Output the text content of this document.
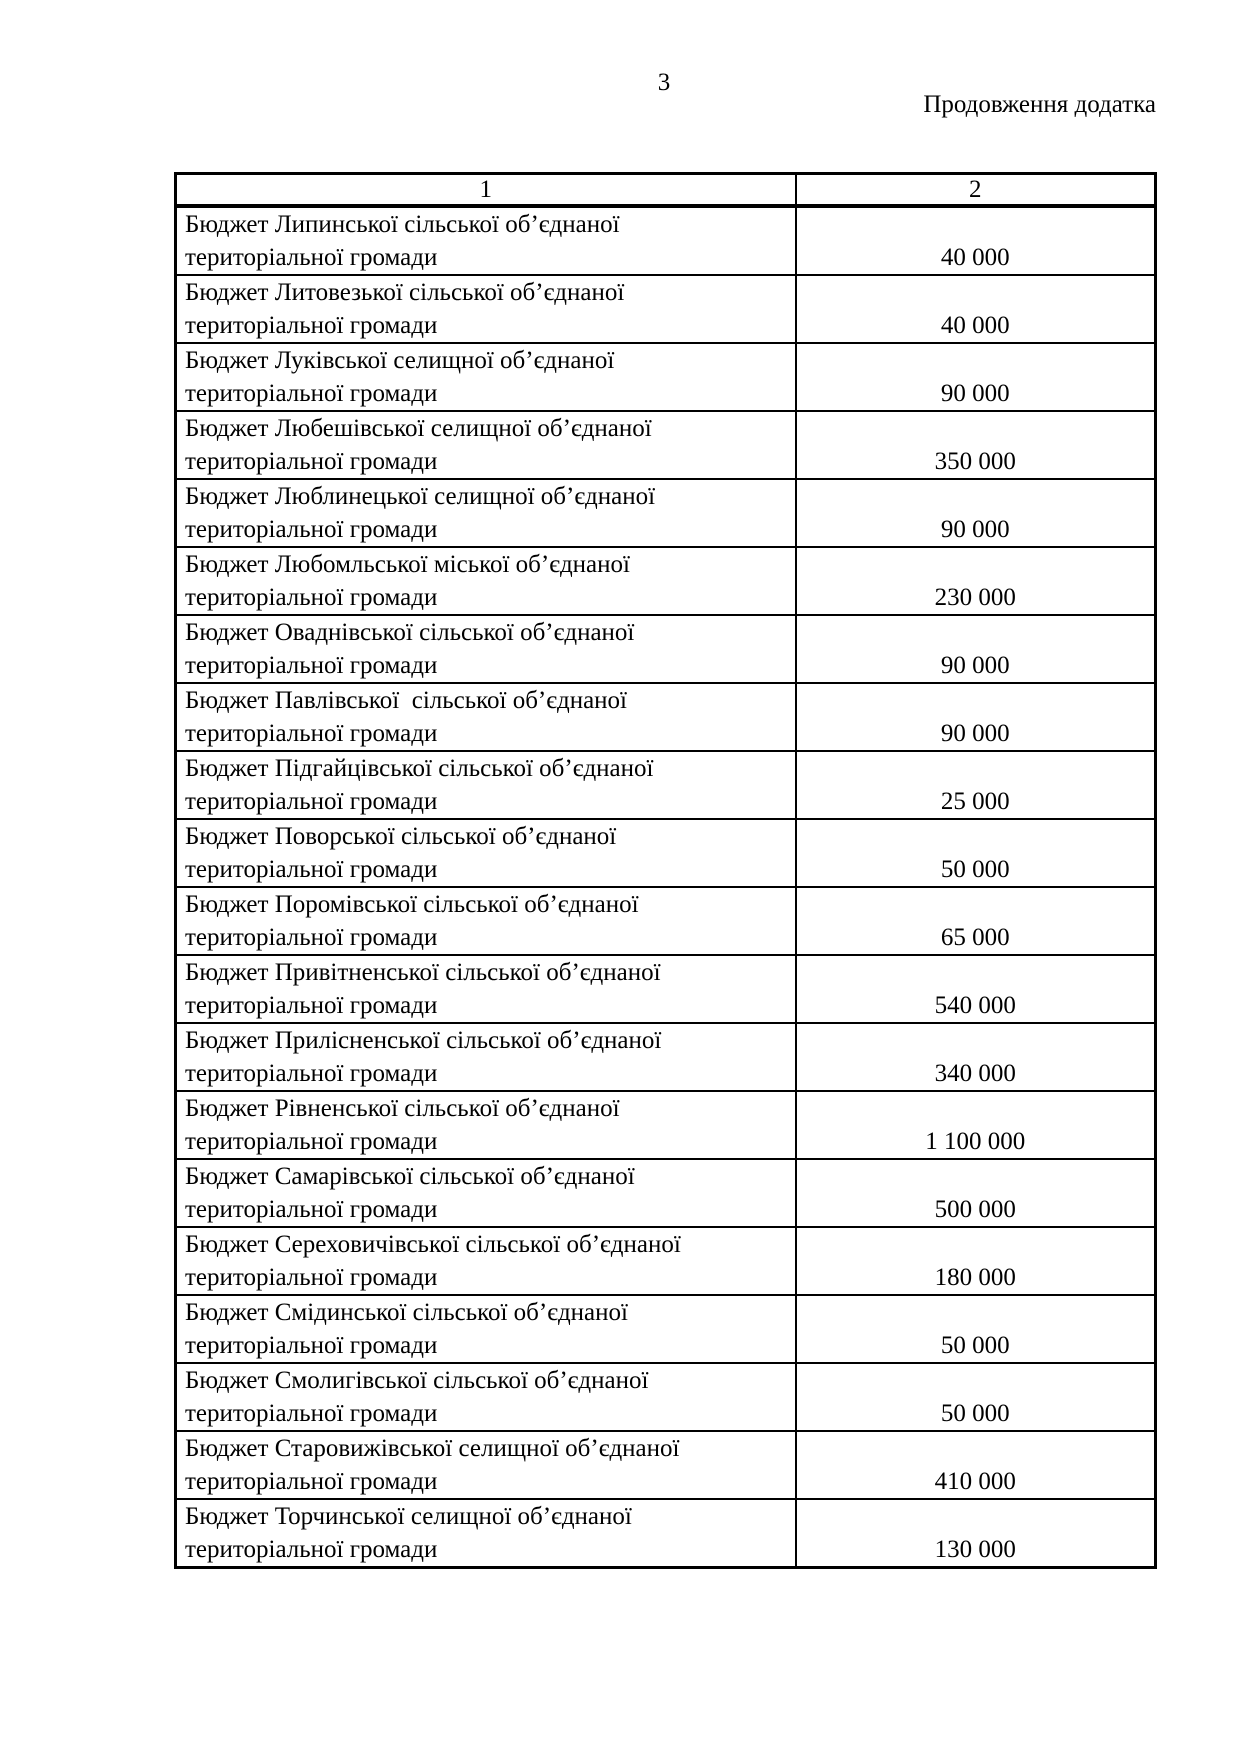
3
Продовження додатка
1	2

Бюджет Липинської сільської об’єднаної
територіальної громади	40 000

Бюджет Литовезької сільської об’єднаної
територіальної громади	40 000

Бюджет Луківської селищної об’єднаної
територіальної громади	90 000

Бюджет Любешівської селищної об’єднаної
територіальної громади	350 000

Бюджет Люблинецької селищної об’єднаної
територіальної громади	90 000

Бюджет Любомльської міської об’єднаної
територіальної громади	230 000

Бюджет Оваднівської сільської об’єднаної
територіальної громади	90 000

Бюджет Павлівської  сільської об’єднаної
територіальної громади	90 000

Бюджет Підгайцівської сільської об’єднаної
територіальної громади	25 000

Бюджет Поворської сільської об’єднаної
територіальної громади	50 000

Бюджет Поромівської сільської об’єднаної
територіальної громади	65 000

Бюджет Привітненської сільської об’єднаної
територіальної громади	540 000

Бюджет Прилісненської сільської об’єднаної
територіальної громади	340 000

Бюджет Рівненської сільської об’єднаної
територіальної громади	1 100 000

Бюджет Самарівської сільської об’єднаної
територіальної громади	500 000

Бюджет Сереховичівської сільської об’єднаної
територіальної громади	180 000

Бюджет Смідинської сільської об’єднаної
територіальної громади	50 000

Бюджет Смолигівської сільської об’єднаної
територіальної громади	50 000

Бюджет Старовижівської селищної об’єднаної
територіальної громади	410 000

Бюджет Торчинської селищної об’єднаної
територіальної громади	130 000
